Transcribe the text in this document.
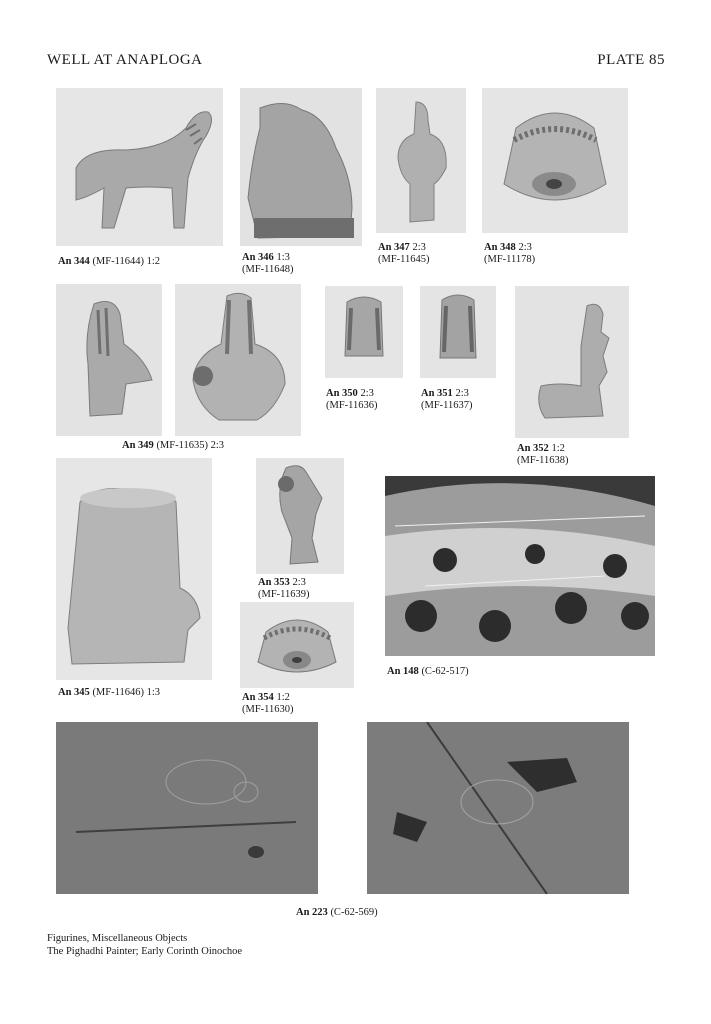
WELL AT ANAPLOGA	PLATE 85
An 344 (MF-11644) 1:2	An 346 1:3
(MF-11648)
An 347 2:3
(MF-11645)
An 348 2:3
(MF-11178)
An 349 (MF-11635) 2:3
An 350 2:3
(MF-11636)
An 351 2:3
(MF-11637)
An 352 1:2
(MF-11638)
An 345 (MF-11646) 1:3
An 353 2:3
(MF-11639)
An 354 1:2
(MF-11630)
An 148 (C-62-517)
An 223 (C-62-569)
Figurines, Miscellaneous Objects
The Pighadhi Painter; Early Corinth Oinochoe
